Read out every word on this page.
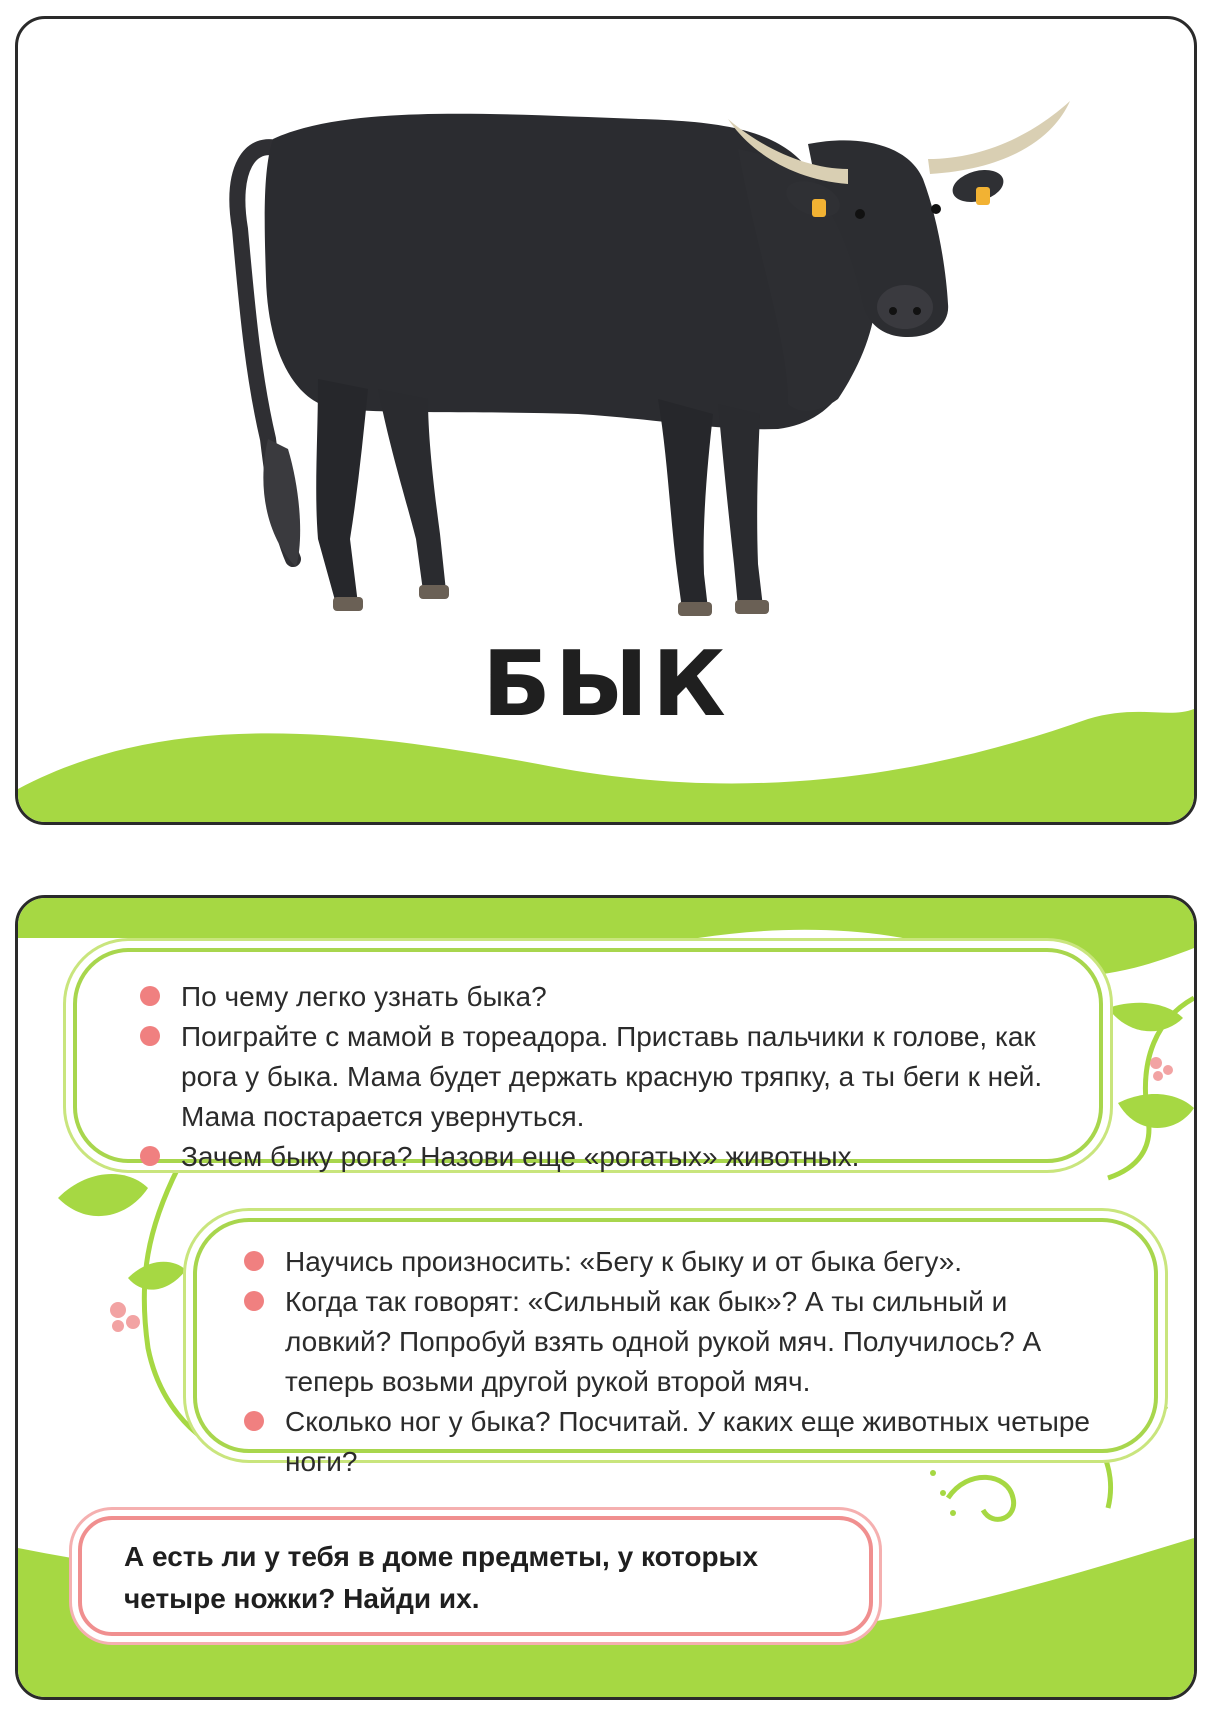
БЫК
По чему легко узнать быка?
Поиграйте с мамой в тореадора. Приставь пальчики к голове, как рога у быка. Мама будет держать красную тряпку, а ты беги к ней. Мама постарается увернуться.
Зачем быку рога? Назови еще «рогатых» животных.
Научись произносить: «Бегу к быку и от быка бегу».
Когда так говорят: «Сильный как бык»? А ты сильный и ловкий? Попробуй взять одной рукой мяч. Получилось? А теперь возьми другой рукой второй мяч.
Сколько ног у быка? Посчитай. У каких еще животных четыре ноги?
А есть ли у тебя в доме предметы, у которых четыре ножки? Найди их.
